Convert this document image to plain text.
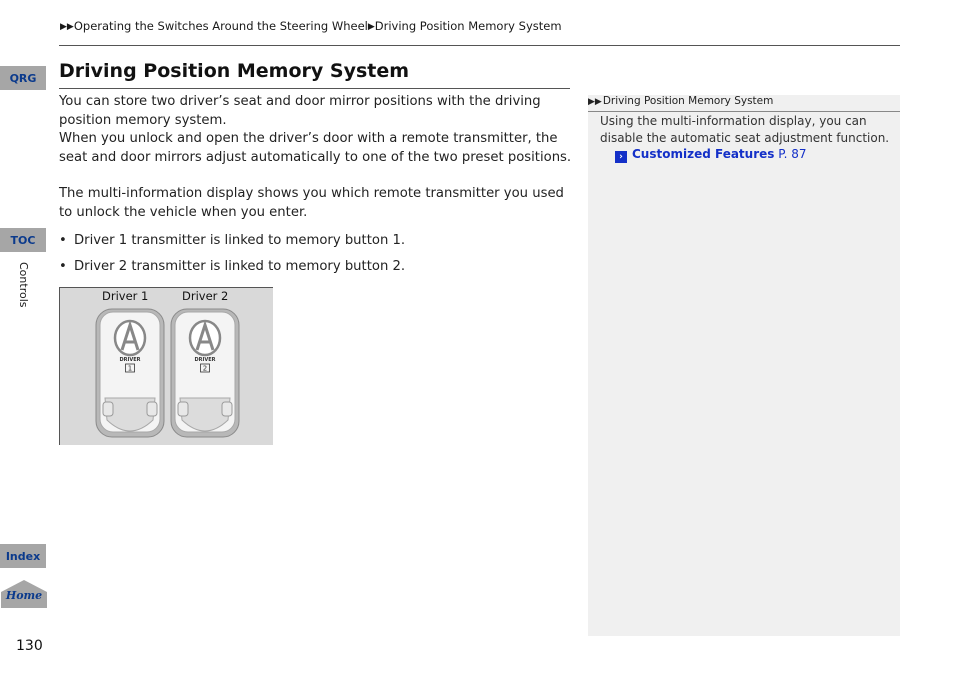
▶▶Operating the Switches Around the Steering Wheel▶Driving Position Memory System
QRG
TOC
Controls
Index
Home
130
Driving Position Memory System
You can store two driver’s seat and door mirror positions with the driving position memory system.
When you unlock and open the driver’s door with a remote transmitter, the seat and door mirrors adjust automatically to one of the two preset positions.

The multi-information display shows you which remote transmitter you used to unlock the vehicle when you enter.

• Driver 1 transmitter is linked to memory button 1.
• Driver 2 transmitter is linked to memory button 2.
Driver 1	Driver 2
DRIVER
1
DRIVER
2
▶▶Driving Position Memory System

Using the multi-information display, you can disable the automatic seat adjustment function.

› Customized Features P. 87
